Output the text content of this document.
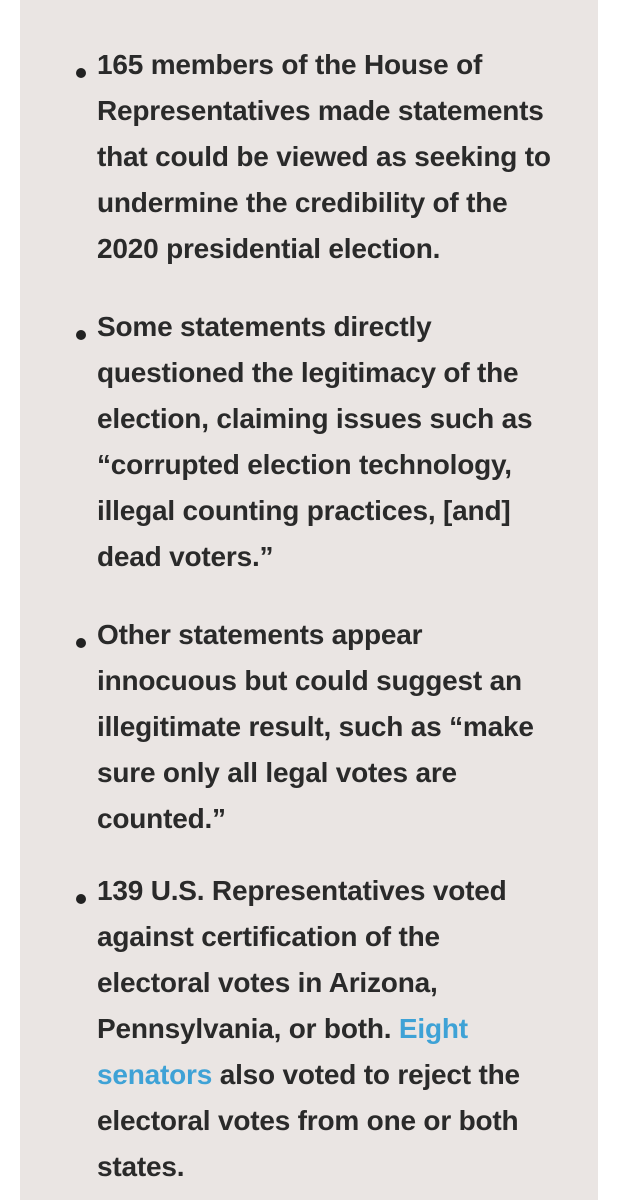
165 members of the House of
Representatives made statements
that could be viewed as seeking to
undermine the credibility of the
2020 presidential election.

Some statements directly
questioned the legitimacy of the
election, claiming issues such as
“corrupted election technology,
illegal counting practices, [and]
dead voters.”

Other statements appear
innocuous but could suggest an
illegitimate result, such as “make
sure only all legal votes are
counted.”

139 U.S. Representatives voted
against certification of the
electoral votes in Arizona,
Pennsylvania, or both. Eight
senators also voted to reject the
electoral votes from one or both
states.
